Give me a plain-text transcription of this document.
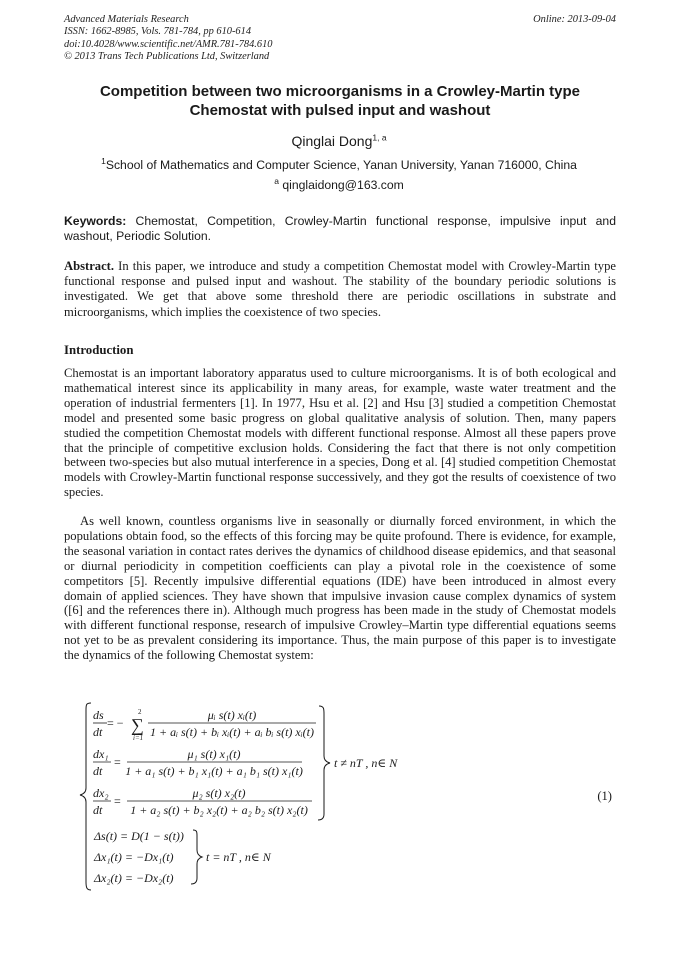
Advanced Materials Research
ISSN: 1662-8985, Vols. 781-784, pp 610-614
doi:10.4028/www.scientific.net/AMR.781-784.610
© 2013 Trans Tech Publications Ltd, Switzerland
Online: 2013-09-04
Competition between two microorganisms in a Crowley-Martin type
Chemostat with pulsed input and washout
Qinglai Dong$^{1, a}$
$^1$School of Mathematics and Computer Science, Yanan University, Yanan 716000, China
$^a$ qinglaidong@163.com
Keywords: Chemostat, Competition, Crowley-Martin functional response, impulsive input and washout, Periodic Solution.
Abstract. In this paper, we introduce and study a competition Chemostat model with Crowley-Martin type functional response and pulsed input and washout. The stability of the boundary periodic solutions is investigated. We get that above some threshold there are periodic oscillations in substrate and microorganisms, which implies the coexistence of two species.
Introduction
Chemostat is an important laboratory apparatus used to culture microorganisms. It is of both ecological and mathematical interest since its applicability in many areas, for example, waste water treatment and the operation of industrial fermenters [1]. In 1977, Hsu et al. [2] and Hsu [3] studied a competition Chemostat model and presented some basic progress on global qualitative analysis of solution. Then, many papers studied the competition Chemostat models with different functional response. Almost all these papers prove that the principle of competitive exclusion holds. Considering the fact that there is not only competition between two-species but also mutual interference in a species, Dong et al. [4] studied competition Chemostat models with Crowley-Martin functional response successively, and they got the results of coexistence of two species.
As well known, countless organisms live in seasonally or diurnally forced environment, in which the populations obtain food, so the effects of this forcing may be quite profound. There is evidence, for example, the seasonal variation in contact rates derives the dynamics of childhood disease epidemics, and that seasonal or diurnal periodicity in competition coefficients can play a pivotal role in the coexistence of some competitors [5]. Recently impulsive differential equations (IDE) have been introduced in almost every domain of applied sciences. They have shown that impulsive invasion cause complex dynamics of system ([6] and the references there in). Although much progress has been made in the study of Chemostat models with different functional response, research of impulsive Crowley–Martin type differential equations seems not yet to be as prevalent considering its importance. Thus, the main purpose of this paper is to investigate the dynamics of the following Chemostat system:
ds
dt
= −
2
∑
i=1
μᵢ s(t) xᵢ(t)
1 + aᵢ s(t) + bᵢ xᵢ(t) + aᵢ bᵢ s(t) xᵢ(t)
dx₁
dt
=
μ₁ s(t) x₁(t)
1 + a₁ s(t) + b₁ x₁(t) + a₁ b₁ s(t) x₁(t)
dx₂
dt
=
μ₂ s(t) x₂(t)
1 + a₂ s(t) + b₂ x₂(t) + a₂ b₂ s(t) x₂(t)
t ≠ nT , n∈ N
Δs(t) = D(1 − s(t))
Δx₁(t) = −Dx₁(t)
Δx₂(t) = −Dx₂(t)
t = nT , n∈ N
(1)
